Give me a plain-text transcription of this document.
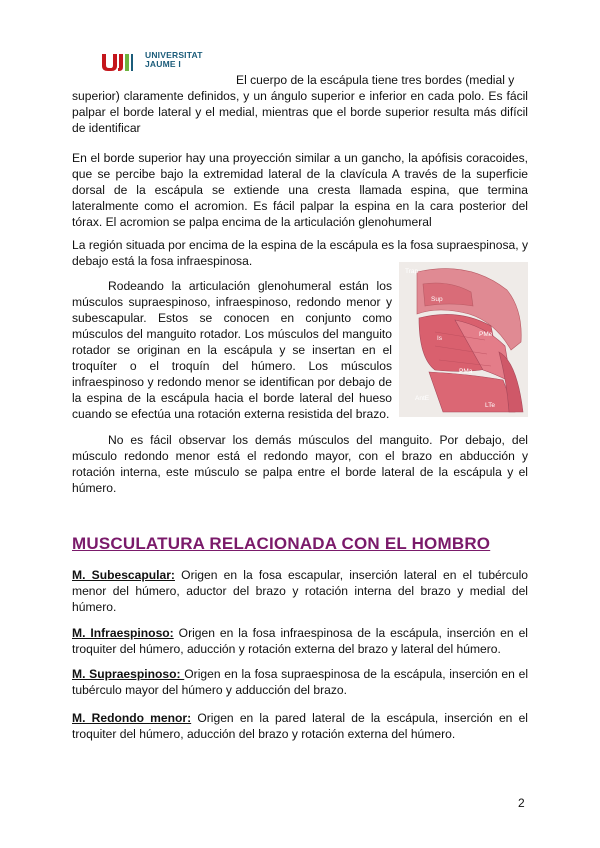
UNIVERSITAT
JAUME I

El cuerpo de la escápula tiene tres bordes (medial y
superior) claramente definidos, y un ángulo superior e inferior en cada polo. Es fácil palpar el borde lateral y el medial, mientras que el borde superior resulta más difícil de identificar

En el borde superior hay una proyección similar a un gancho, la apófisis coracoides, que se percibe bajo la extremidad lateral de la clavícula A través de la superficie dorsal de la escápula se extiende una cresta llamada espina, que termina lateralmente como el acromion. Es fácil palpar la espina en la cara posterior del tórax. El acromion se palpa encima de la articulación glenohumeral

La región situada por encima de la espina de la escápula es la fosa supraespinosa, y debajo está la fosa infraespinosa.

Rodeando la articulación glenohumeral están los músculos supraespinoso, infraespinoso, redondo menor y subescapular. Estos se conocen en conjunto como músculos del manguito rotador. Los músculos del manguito rotador se originan en la escápula y se insertan en el troquíter o el troquín del húmero. Los músculos infraespinoso y redondo menor se identifican por debajo de la espina de la escápula hacia el borde lateral del hueso cuando se efectúa una rotación externa resistida del brazo.

Trap
Sup
Is
PMe
PMa
AntE
LTe

No es fácil observar los demás músculos del manguito. Por debajo, del músculo redondo menor está el redondo mayor, con el brazo en abducción y rotación interna, este músculo se palpa entre el borde lateral de la escápula y el húmero.

MUSCULATURA RELACIONADA CON EL HOMBRO

M. Subescapular: Origen en la fosa escapular, inserción lateral en el tubérculo menor del húmero, aductor del brazo y rotación interna del brazo y medial del húmero.

M. Infraespinoso: Origen en la fosa infraespinosa de la escápula, inserción en el troquiter del húmero, aducción y rotación externa del brazo y lateral del húmero.

M. Supraespinoso: Origen en la fosa supraespinosa de la escápula, inserción en el tubérculo mayor del húmero y adducción del brazo.

M. Redondo menor: Origen en la pared lateral de la escápula, inserción en el troquiter del húmero, aducción del brazo y rotación externa del húmero.

2
